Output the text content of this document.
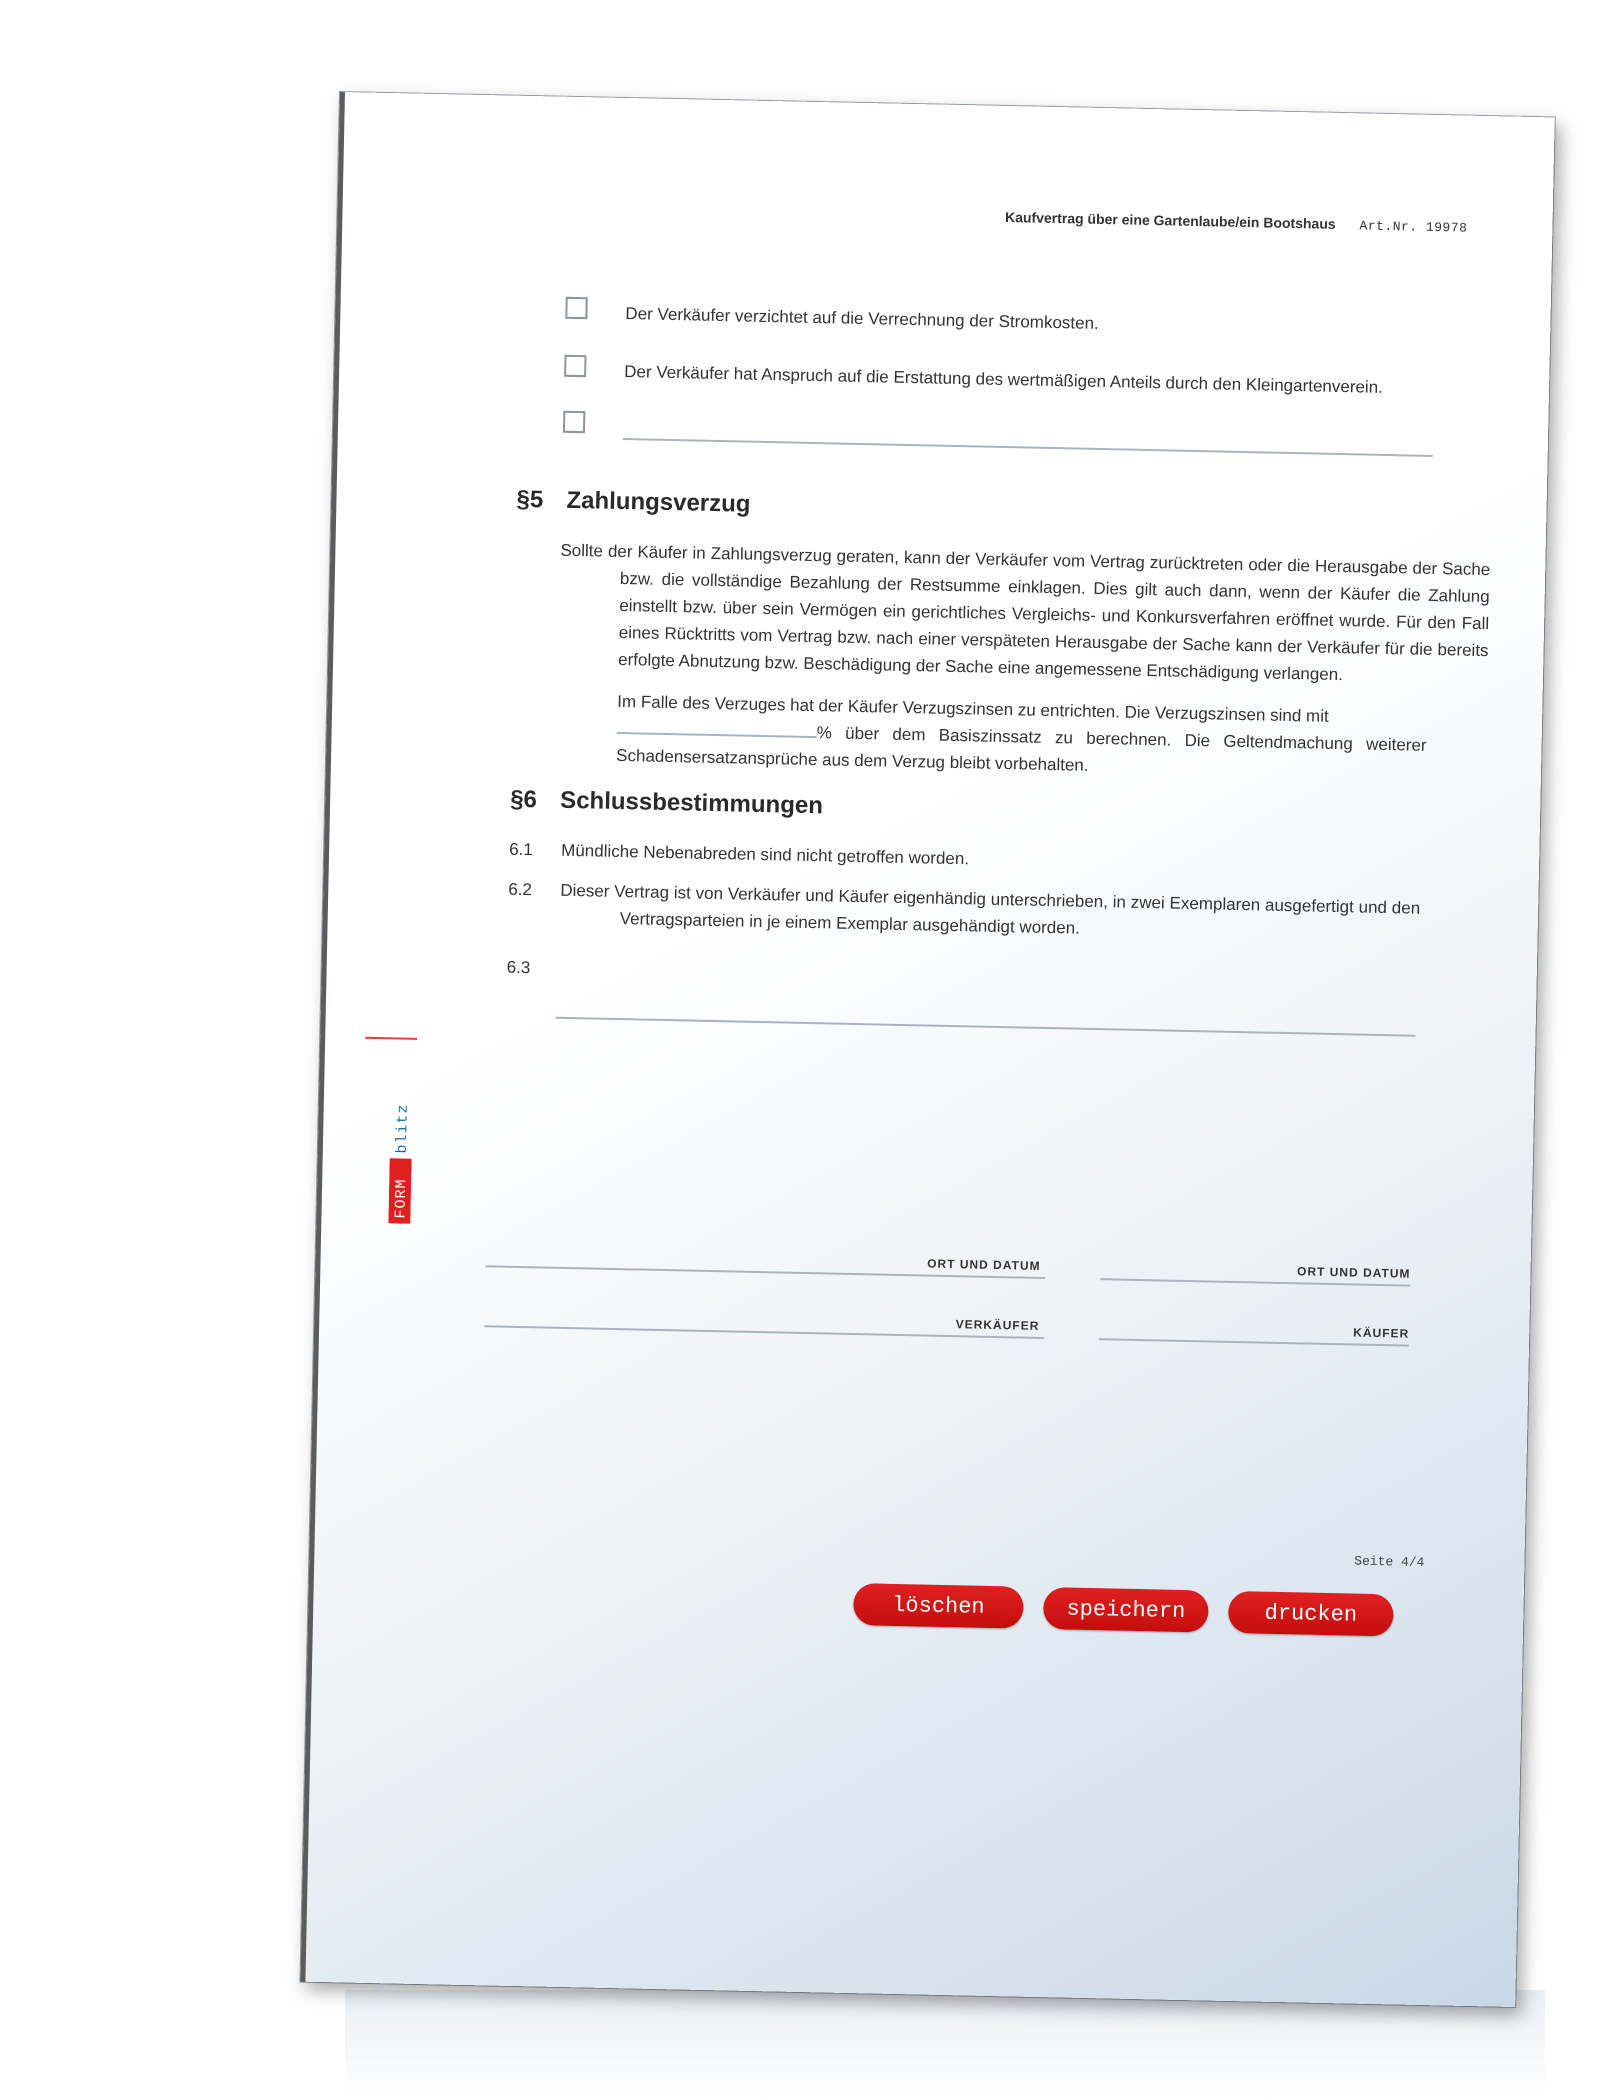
FORM
blitz
Kaufvertrag über eine Gartenlaube/ein Bootshaus Art.Nr. 19978
Der Verkäufer verzichtet auf die Verrechnung der Stromkosten.
Der Verkäufer hat Anspruch auf die Erstattung des wertmäßigen Anteils durch den Kleingartenverein.
§5 Zahlungsverzug
Sollte der Käufer in Zahlungsverzug geraten, kann der Verkäufer vom Vertrag zurücktreten oder die Herausgabe der Sache bzw. die vollständige Bezahlung der Restsumme einklagen. Dies gilt auch dann, wenn der Käufer die Zahlung einstellt bzw. über sein Vermögen ein gerichtliches Vergleichs- und Konkursverfahren eröffnet wurde. Für den Fall eines Rücktritts vom Vertrag bzw. nach einer verspäteten Herausgabe der Sache kann der Verkäufer für die bereits erfolgte Abnutzung bzw. Beschädigung der Sache eine angemessene Entschädigung verlangen.
Im Falle des Verzuges hat der Käufer Verzugszinsen zu entrichten. Die Verzugszinsen sind mit
% über dem Basiszinssatz zu berechnen. Die Geltendmachung weiterer Schadensersatzansprüche aus dem Verzug bleibt vorbehalten.
§6 Schlussbestimmungen
6.1 Mündliche Nebenabreden sind nicht getroffen worden.
6.2 Dieser Vertrag ist von Verkäufer und Käufer eigenhändig unterschrieben, in zwei Exemplaren ausgefertigt und den Vertragsparteien in je einem Exemplar ausgehändigt worden.
6.3
ORT UND DATUM
VERKÄUFER
ORT UND DATUM
KÄUFER
Seite 4/4
löschen	speichern	drucken
